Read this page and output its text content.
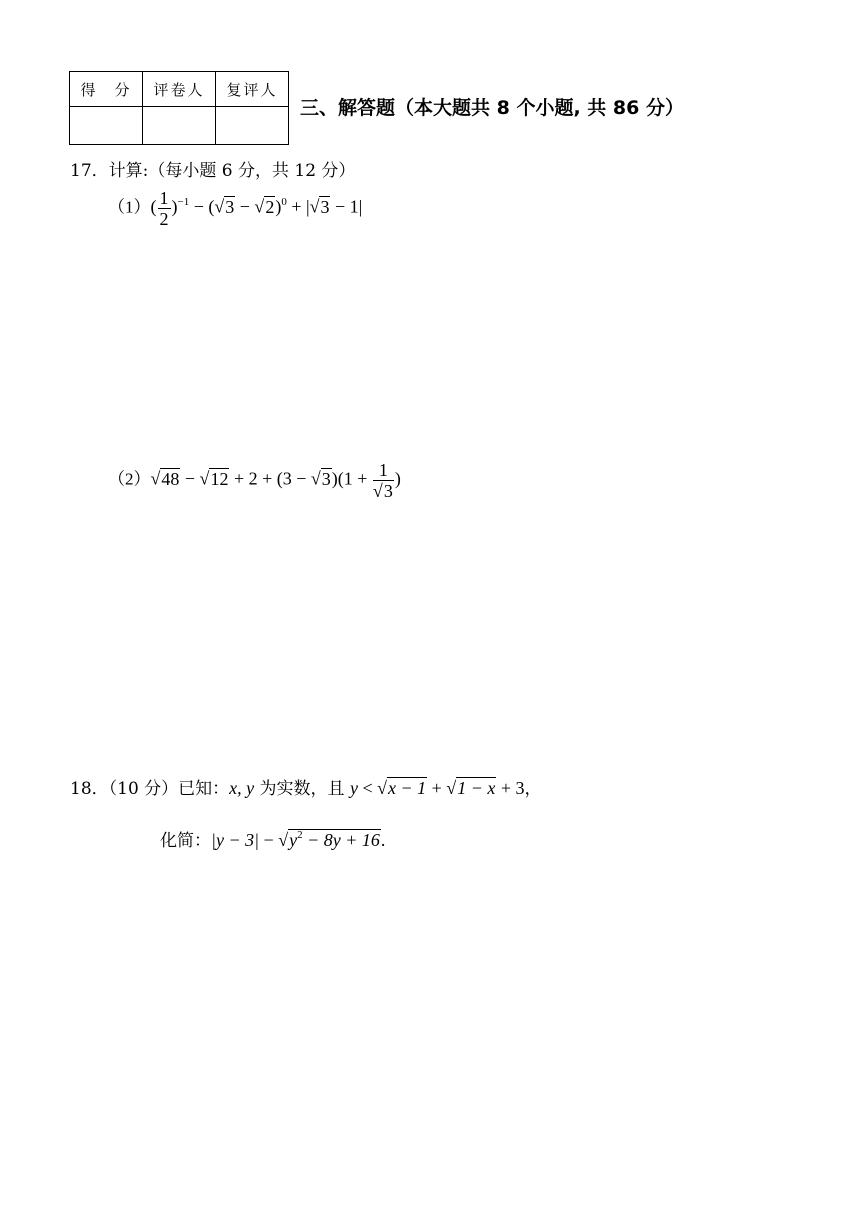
得　分	评卷人	复评人

三、解答题（本大题共 8 个小题, 共 86 分）
17．计算:（每小题 6 分，共 12 分）
$(1)( \frac{1}{2} )^{-1} - (√3 - √2)^0 + |√3 - 1|$
$(2)√48 - √12 + 2 + (3 - √3)(1 + \frac{1}{√3}$ )
18．（10 分）已知：x, y 为实数，且 y < √x − 1 + √1 − x + 3，
化简：$|y - 3| - √y^2 - 8y + 16$.
